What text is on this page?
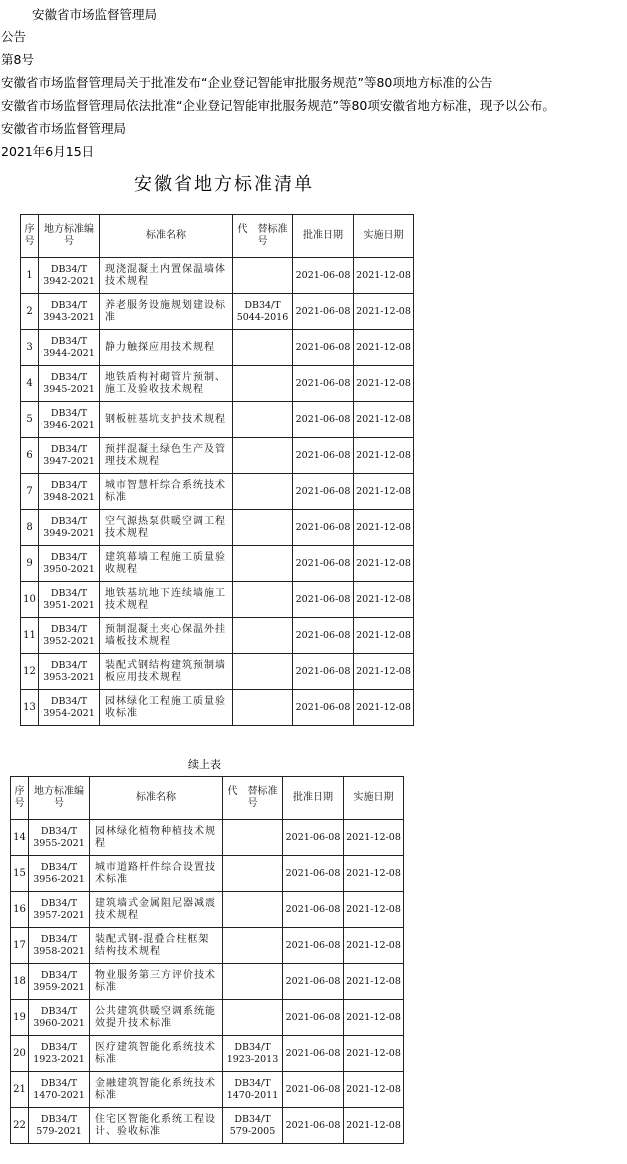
安徽省市场监督管理局
公告
第8号
安徽省市场监督管理局关于批准发布“企业登记智能审批服务规范”等80项地方标准的公告
安徽省市场监督管理局依法批准“企业登记智能审批服务规范”等80项安徽省地方标准，现予以公布。
安徽省市场监督管理局
2021年6月15日
安徽省地方标准清单
序号	地方标准编　号	标准名称	代　替标准号	批准日期	实施日期
1	DB34/T 3942-2021	现浇混凝土内置保温墙体技术规程		2021-06-08	2021-12-08
2	DB34/T 3943-2021	养老服务设施规划建设标准	DB34/T 5044-2016	2021-06-08	2021-12-08
3	DB34/T 3944-2021	静力触探应用技术规程		2021-06-08	2021-12-08
4	DB34/T 3945-2021	地铁盾构衬砌管片预制、施工及验收技术规程		2021-06-08	2021-12-08
5	DB34/T 3946-2021	钢板桩基坑支护技术规程		2021-06-08	2021-12-08
6	DB34/T 3947-2021	预拌混凝土绿色生产及管理技术规程		2021-06-08	2021-12-08
7	DB34/T 3948-2021	城市智慧杆综合系统技术标准		2021-06-08	2021-12-08
8	DB34/T 3949-2021	空气源热泵供暖空调工程技术规程		2021-06-08	2021-12-08
9	DB34/T 3950-2021	建筑幕墙工程施工质量验收规程		2021-06-08	2021-12-08
10	DB34/T 3951-2021	地铁基坑地下连续墙施工技术规程		2021-06-08	2021-12-08
11	DB34/T 3952-2021	预制混凝土夹心保温外挂墙板技术规程		2021-06-08	2021-12-08
12	DB34/T 3953-2021	装配式钢结构建筑预制墙板应用技术规程		2021-06-08	2021-12-08
13	DB34/T 3954-2021	园林绿化工程施工质量验收标准		2021-06-08	2021-12-08
续上表
序号	地方标准编　号	标准名称	代　替标准号	批准日期	实施日期
14	DB34/T 3955-2021	园林绿化植物种植技术规程		2021-06-08	2021-12-08
15	DB34/T 3956-2021	城市道路杆件综合设置技术标准		2021-06-08	2021-12-08
16	DB34/T 3957-2021	建筑墙式金属阻尼器减震技术规程		2021-06-08	2021-12-08
17	DB34/T 3958-2021	装配式钢-混叠合柱框架结构技术规程		2021-06-08	2021-12-08
18	DB34/T 3959-2021	物业服务第三方评价技术标准		2021-06-08	2021-12-08
19	DB34/T 3960-2021	公共建筑供暖空调系统能效提升技术标准		2021-06-08	2021-12-08
20	DB34/T 1923-2021	医疗建筑智能化系统技术标准	DB34/T 1923-2013	2021-06-08	2021-12-08
21	DB34/T 1470-2021	金融建筑智能化系统技术标准	DB34/T 1470-2011	2021-06-08	2021-12-08
22	DB34/T 579-2021	住宅区智能化系统工程设计、验收标准	DB34/T 579-2005	2021-06-08	2021-12-08
